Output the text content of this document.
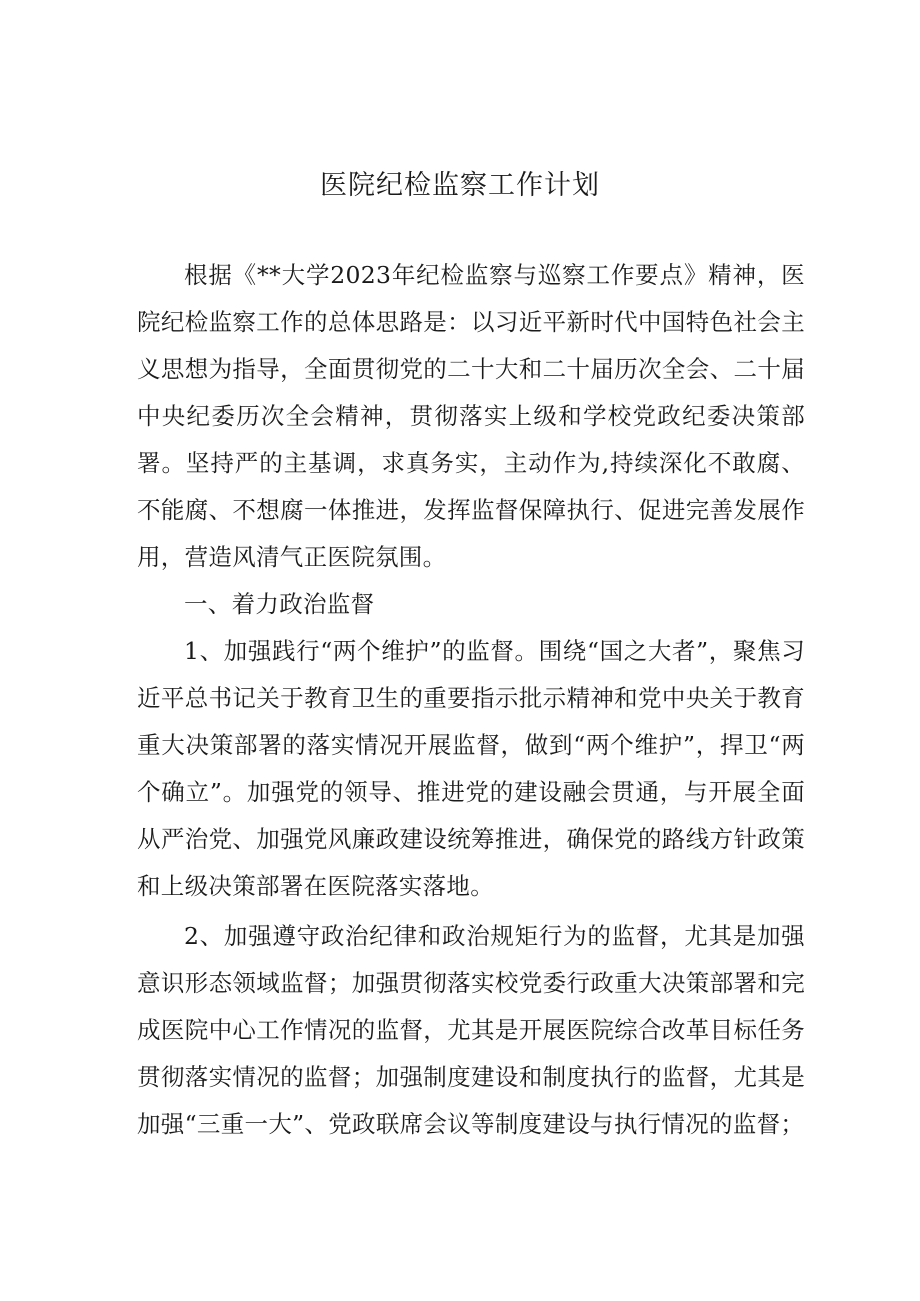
医院纪检监察工作计划

根据《**大学2023年纪检监察与巡察工作要点》精神，医院纪检监察工作的总体思路是：以习近平新时代中国特色社会主义思想为指导，全面贯彻党的二十大和二十届历次全会、二十届中央纪委历次全会精神，贯彻落实上级和学校党政纪委决策部署。坚持严的主基调，求真务实，主动作为,持续深化不敢腐、不能腐、不想腐一体推进，发挥监督保障执行、促进完善发展作用，营造风清气正医院氛围。

一、着力政治监督

1、加强践行“两个维护”的监督。围绕“国之大者”，聚焦习近平总书记关于教育卫生的重要指示批示精神和党中央关于教育重大决策部署的落实情况开展监督，做到“两个维护”，捍卫“两个确立”。加强党的领导、推进党的建设融会贯通，与开展全面从严治党、加强党风廉政建设统筹推进，确保党的路线方针政策和上级决策部署在医院落实落地。

2、加强遵守政治纪律和政治规矩行为的监督，尤其是加强意识形态领域监督；加强贯彻落实校党委行政重大决策部署和完成医院中心工作情况的监督，尤其是开展医院综合改革目标任务贯彻落实情况的监督；加强制度建设和制度执行的监督，尤其是加强“三重一大”、党政联席会议等制度建设与执行情况的监督；
